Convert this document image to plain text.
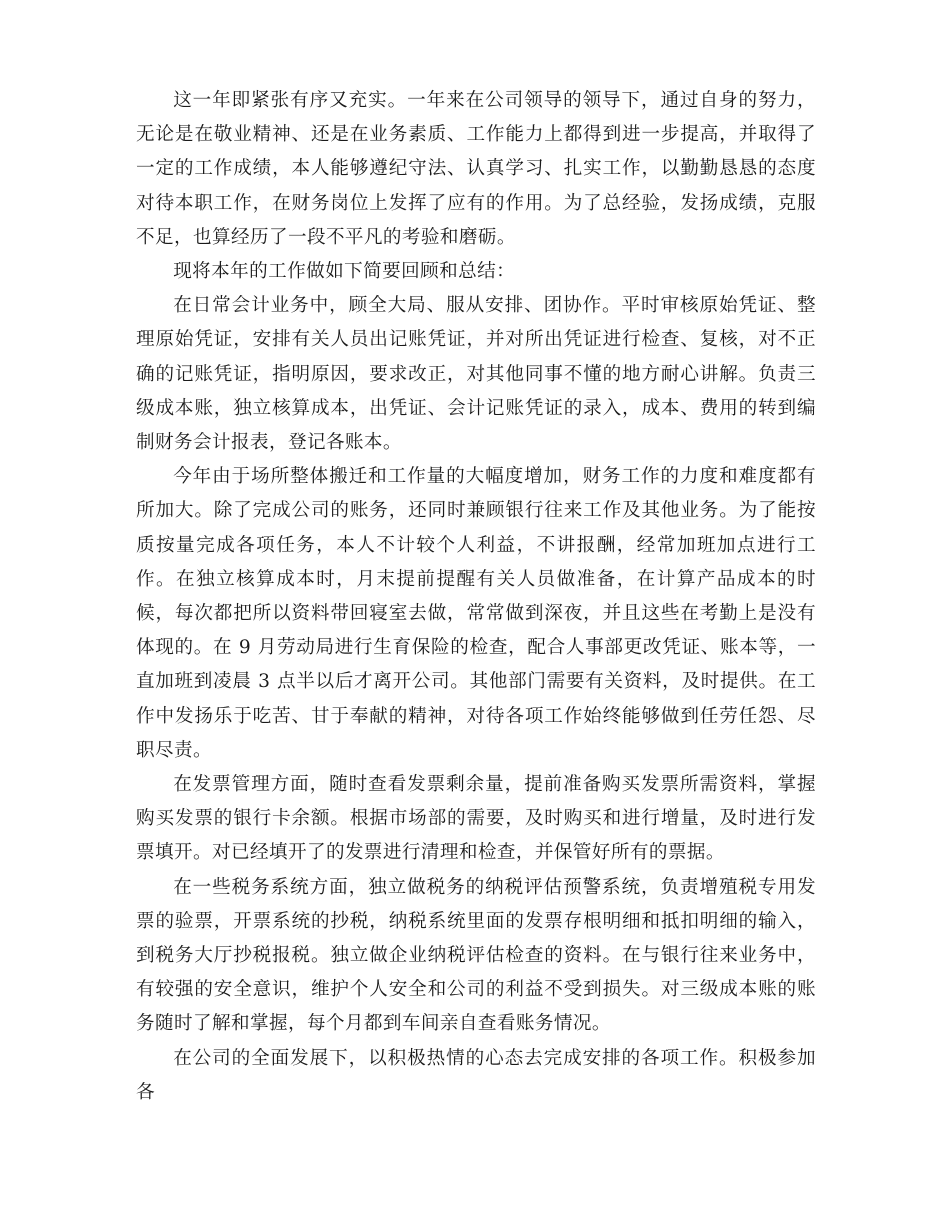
这一年即紧张有序又充实。一年来在公司领导的领导下，通过自身的努力，无论是在敬业精神、还是在业务素质、工作能力上都得到进一步提高，并取得了一定的工作成绩，本人能够遵纪守法、认真学习、扎实工作，以勤勤恳恳的态度对待本职工作，在财务岗位上发挥了应有的作用。为了总经验，发扬成绩，克服不足，也算经历了一段不平凡的考验和磨砺。

现将本年的工作做如下简要回顾和总结：

在日常会计业务中，顾全大局、服从安排、团协作。平时审核原始凭证、整理原始凭证，安排有关人员出记账凭证，并对所出凭证进行检查、复核，对不正确的记账凭证，指明原因，要求改正，对其他同事不懂的地方耐心讲解。负责三级成本账，独立核算成本，出凭证、会计记账凭证的录入，成本、费用的转到编制财务会计报表，登记各账本。

今年由于场所整体搬迁和工作量的大幅度增加，财务工作的力度和难度都有所加大。除了完成公司的账务，还同时兼顾银行往来工作及其他业务。为了能按质按量完成各项任务，本人不计较个人利益，不讲报酬，经常加班加点进行工作。在独立核算成本时，月末提前提醒有关人员做准备，在计算产品成本的时候，每次都把所以资料带回寝室去做，常常做到深夜，并且这些在考勤上是没有体现的。在 9 月劳动局进行生育保险的检查，配合人事部更改凭证、账本等，一直加班到凌晨 3 点半以后才离开公司。其他部门需要有关资料，及时提供。在工作中发扬乐于吃苦、甘于奉献的精神，对待各项工作始终能够做到任劳任怨、尽职尽责。

在发票管理方面，随时查看发票剩余量，提前准备购买发票所需资料，掌握购买发票的银行卡余额。根据市场部的需要，及时购买和进行增量，及时进行发票填开。对已经填开了的发票进行清理和检查，并保管好所有的票据。

在一些税务系统方面，独立做税务的纳税评估预警系统，负责增殖税专用发票的验票，开票系统的抄税，纳税系统里面的发票存根明细和抵扣明细的输入，到税务大厅抄税报税。独立做企业纳税评估检查的资料。在与银行往来业务中，有较强的安全意识，维护个人安全和公司的利益不受到损失。对三级成本账的账务随时了解和掌握，每个月都到车间亲自查看账务情况。

在公司的全面发展下，以积极热情的心态去完成安排的各项工作。积极参加各
